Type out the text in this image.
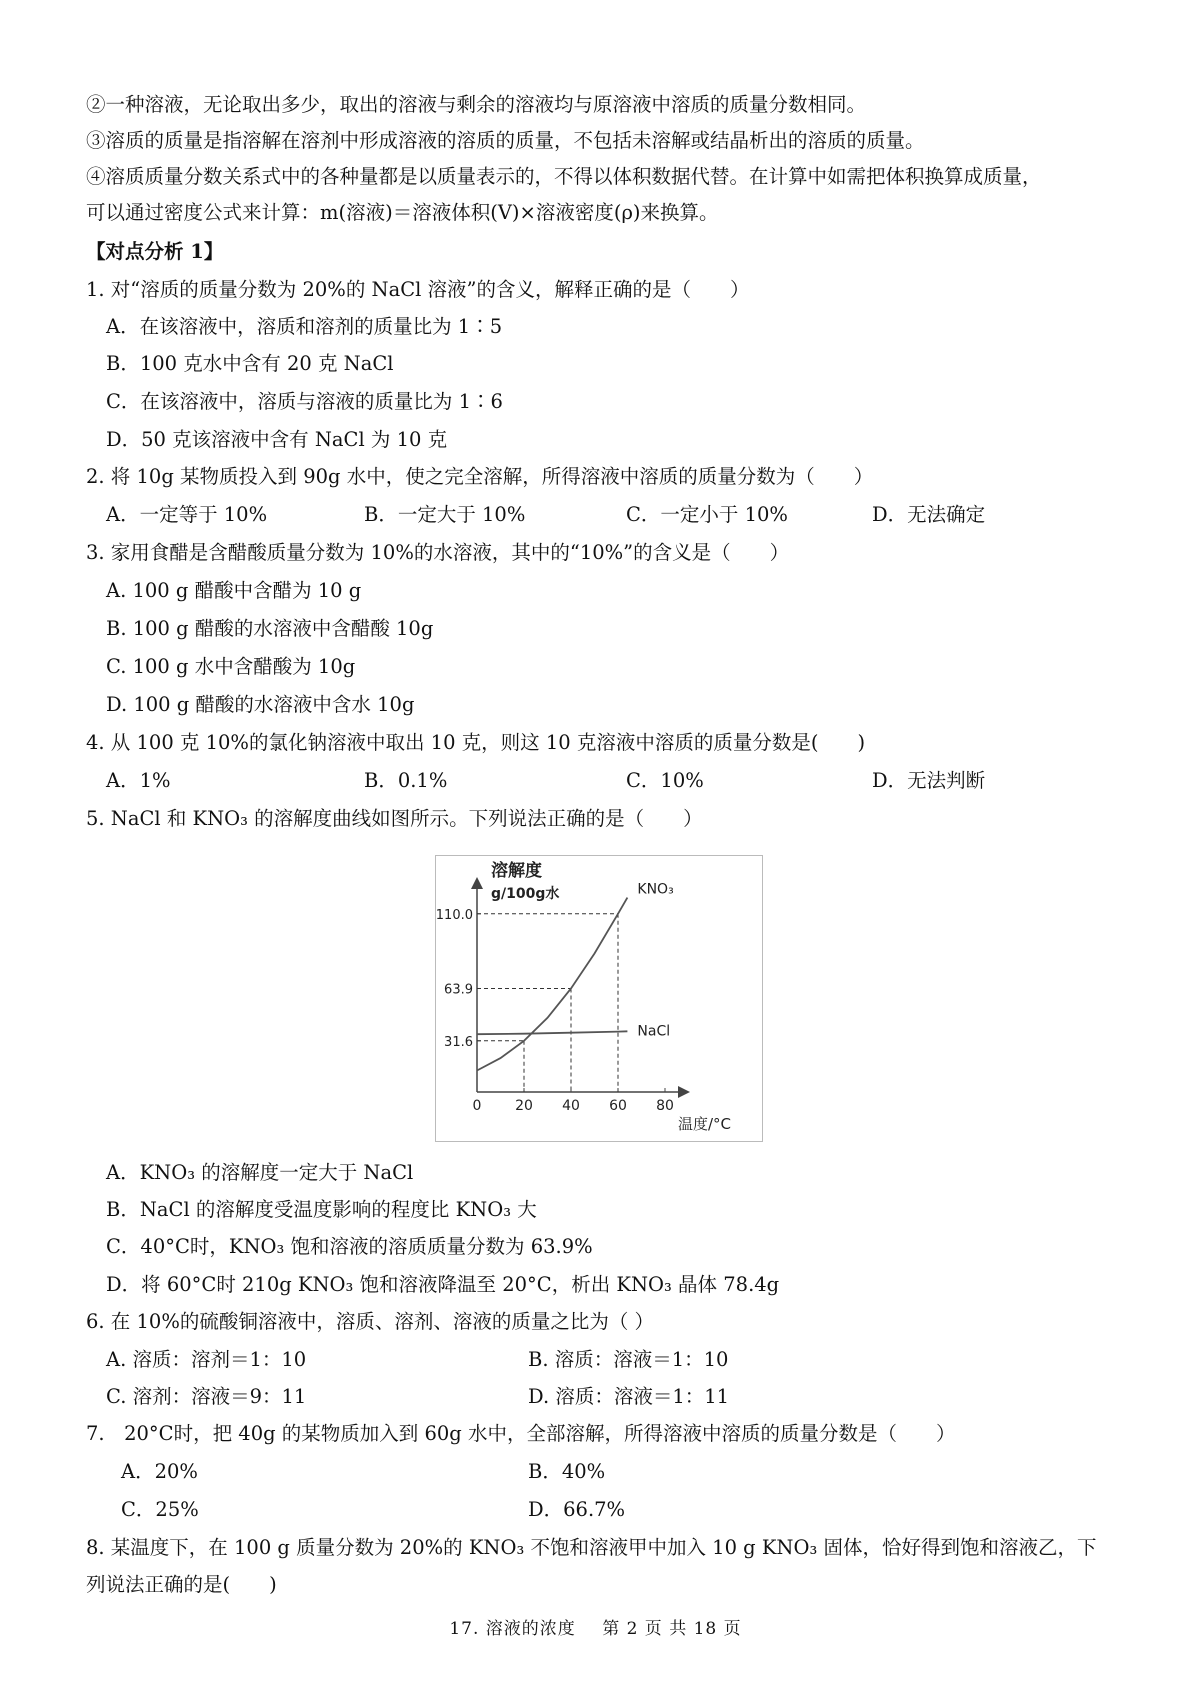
②一种溶液，无论取出多少，取出的溶液与剩余的溶液均与原溶液中溶质的质量分数相同。
③溶质的质量是指溶解在溶剂中形成溶液的溶质的质量，不包括未溶解或结晶析出的溶质的质量。
④溶质质量分数关系式中的各种量都是以质量表示的，不得以体积数据代替。在计算中如需把体积换算成质量，
可以通过密度公式来计算：m(溶液)＝溶液体积(V)×溶液密度(ρ)来换算。
【对点分析 1】
1. 对“溶质的质量分数为 20%的 NaCl 溶液”的含义，解释正确的是（　　）
A．在该溶液中，溶质和溶剂的质量比为 1∶5
B．100 克水中含有 20 克 NaCl
C．在该溶液中，溶质与溶液的质量比为 1∶6
D．50 克该溶液中含有 NaCl 为 10 克
2. 将 10g 某物质投入到 90g 水中，使之完全溶解，所得溶液中溶质的质量分数为（　　）
A．一定等于 10%	B．一定大于 10%	C．一定小于 10%	D．无法确定
3. 家用食醋是含醋酸质量分数为 10%的水溶液，其中的“10%”的含义是（　　）
A. 100 g 醋酸中含醋为 10 g
B. 100 g 醋酸的水溶液中含醋酸 10g
C. 100 g 水中含醋酸为 10g
D. 100 g 醋酸的水溶液中含水 10g
4. 从 100 克 10%的氯化钠溶液中取出 10 克，则这 10 克溶液中溶质的质量分数是(　　)
A．1%	B．0.1%	C．10%	D．无法判断
5. NaCl 和 KNO₃ 的溶解度曲线如图所示。下列说法正确的是（　　）
0 20 40 60 80
31.6
63.9
110.0
KNO₃
NaCl
溶解度
g/100g水
温度/°C
A．KNO₃ 的溶解度一定大于 NaCl
B．NaCl 的溶解度受温度影响的程度比 KNO₃ 大
C．40°C时，KNO₃ 饱和溶液的溶质质量分数为 63.9%
D．将 60°C时 210g KNO₃ 饱和溶液降温至 20°C，析出 KNO₃ 晶体 78.4g
6. 在 10%的硫酸铜溶液中，溶质、溶剂、溶液的质量之比为（ ）
A. 溶质：溶剂＝1：10	B. 溶质：溶液＝1：10
C. 溶剂：溶液＝9：11	D. 溶质：溶液＝1：11
7.　20°C时，把 40g 的某物质加入到 60g 水中，全部溶解，所得溶液中溶质的质量分数是（　　）
A．20%	B．40%
C．25%	D．66.7%
8. 某温度下，在 100 g 质量分数为 20%的 KNO₃ 不饱和溶液甲中加入 10 g KNO₃ 固体，恰好得到饱和溶液乙，下
列说法正确的是(　　)
17. 溶液的浓度 第 2 页 共 18 页
